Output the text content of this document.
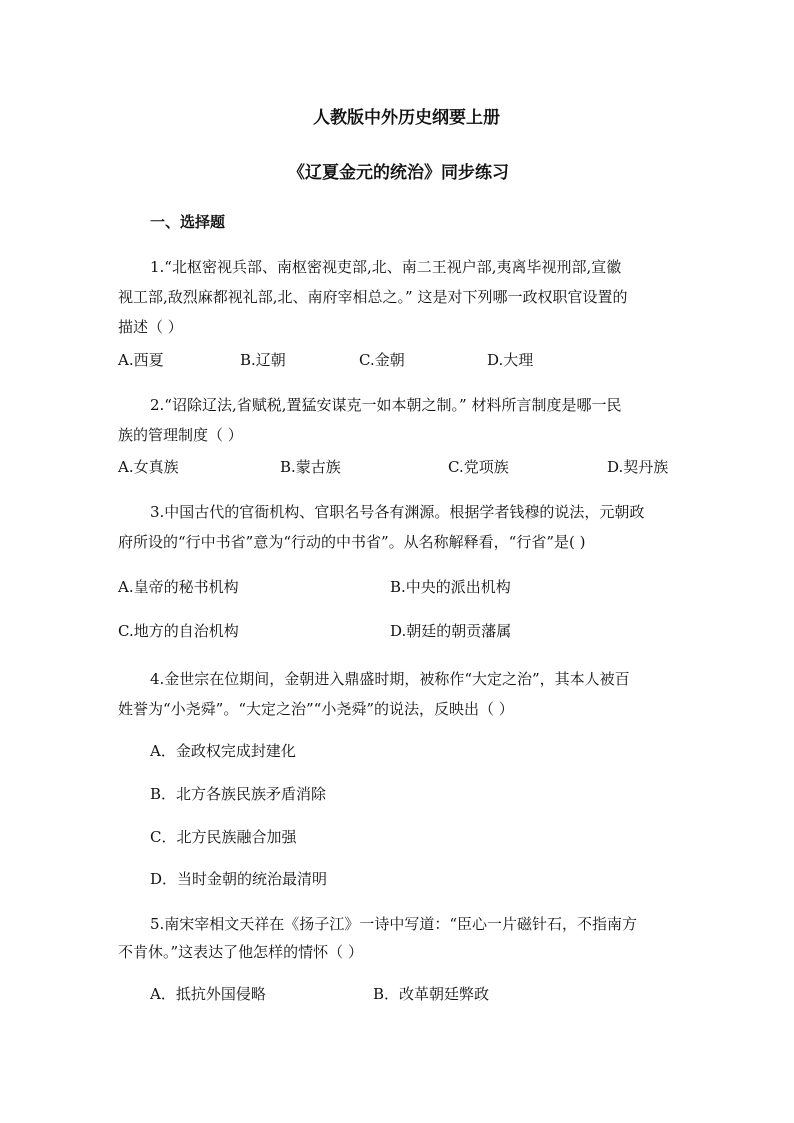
人教版中外历史纲要上册
《辽夏金元的统治》同步练习
一、选择题
1.“北枢密视兵部、南枢密视吏部,北、南二王视户部,夷离毕视刑部,宣徽
视工部,敌烈麻都视礼部,北、南府宰相总之。” 这是对下列哪一政权职官设置的
描述（ ）
A.西夏	B.辽朝	C.金朝	D.大理
2.“诏除辽法,省赋税,置猛安谋克一如本朝之制。” 材料所言制度是哪一民
族的管理制度（ ）
A.女真族	B.蒙古族	C.党项族	D.契丹族
3.中国古代的官衙机构、官职名号各有渊源。根据学者钱穆的说法，元朝政
府所设的“行中书省”意为“行动的中书省”。从名称解释看，“行省”是( )
A.皇帝的秘书机构	B.中央的派出机构
C.地方的自治机构	D.朝廷的朝贡藩属
4.金世宗在位期间，金朝进入鼎盛时期，被称作“大定之治”，其本人被百
姓誉为“小尧舜”。“大定之治”“小尧舜”的说法，反映出（ ）
A．金政权完成封建化
B．北方各族民族矛盾消除
C．北方民族融合加强
D．当时金朝的统治最清明
5.南宋宰相文天祥在《扬子江》一诗中写道：“臣心一片磁针石，不指南方
不肯休。”这表达了他怎样的情怀（ ）
A．抵抗外国侵略	B．改革朝廷弊政
